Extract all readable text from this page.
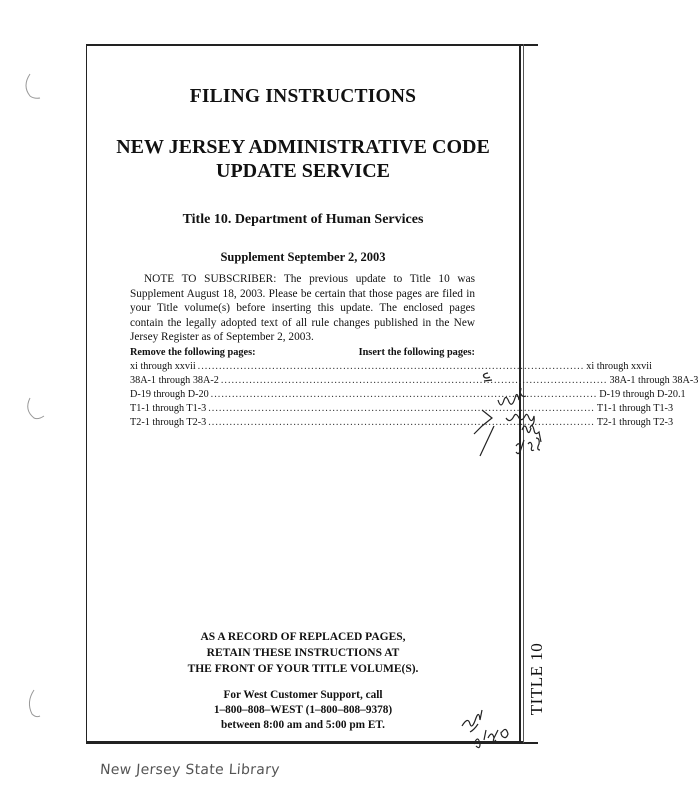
TITLE 10
FILING INSTRUCTIONS
NEW JERSEY ADMINISTRATIVE CODE
UPDATE SERVICE
Title 10. Department of Human Services
Supplement September 2, 2003

NOTE TO SUBSCRIBER: The previous update to Title 10 was Supplement August 18, 2003. Please be certain that those pages are filed in your Title volume(s) before inserting this update. The enclosed pages contain the legally adopted text of all rule changes published in the New Jersey Register as of September 2, 2003.

Remove the following pages:	Insert the following pages:
xi through xxvii ............................................................................................................. xi through xxvii
38A-1 through 38A-2 ............................................................................................................. 38A-1 through 38A-3
D-19 through D-20 ............................................................................................................. D-19 through D-20.1
T1-1 through T1-3 ............................................................................................................. T1-1 through T1-3
T2-1 through T2-3 ............................................................................................................. T2-1 through T2-3
AS A RECORD OF REPLACED PAGES,
RETAIN THESE INSTRUCTIONS AT
THE FRONT OF YOUR TITLE VOLUME(S).
For West Customer Support, call
1–800–808–WEST (1–800–808–9378)
between 8:00 am and 5:00 pm ET.
New Jersey State Library
